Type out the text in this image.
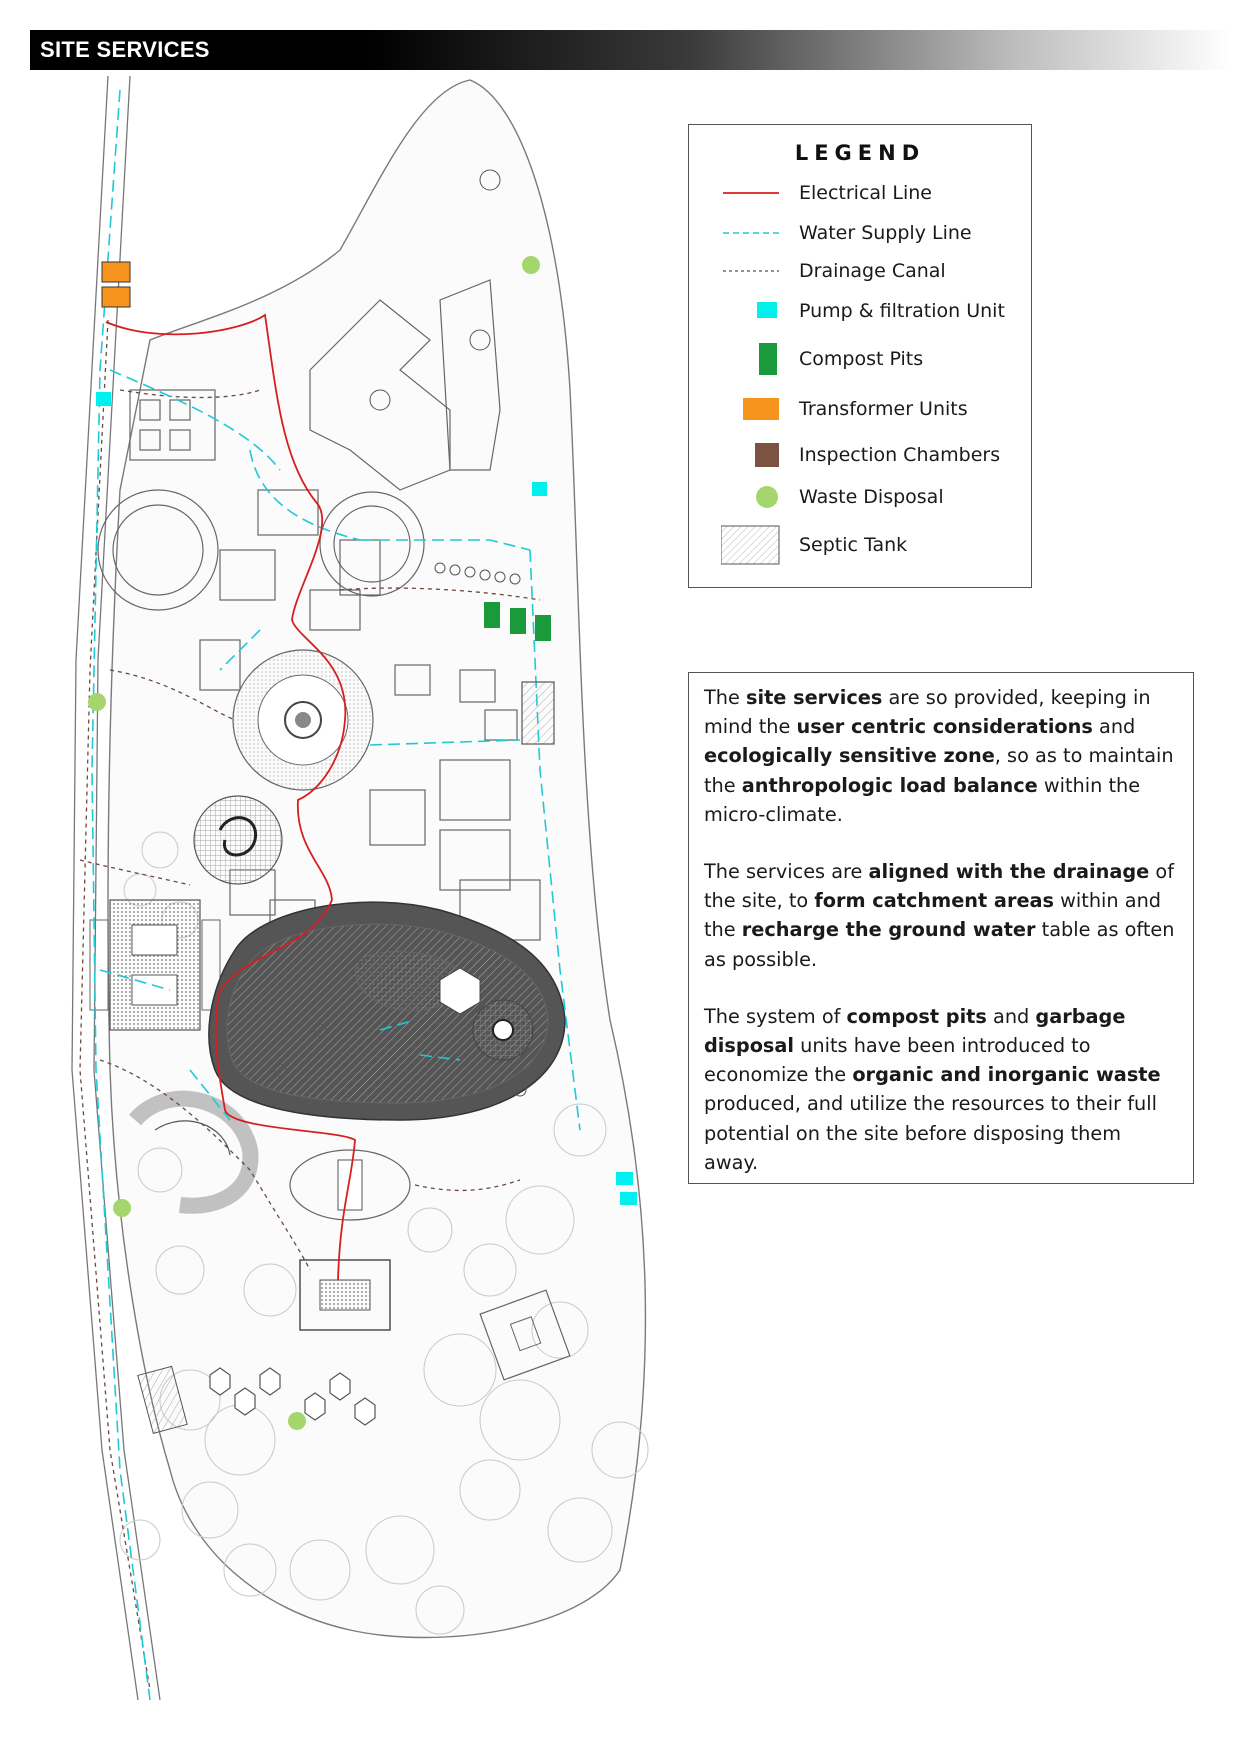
SITE SERVICES
LEGEND
Electrical Line
Water Supply Line
Drainage Canal
Pump & filtration Unit
Compost Pits
Transformer Units
Inspection Chambers
Waste Disposal
Septic Tank

The site services are so provided, keeping in mind the user centric considerations and ecologically sensitive zone, so as to maintain the anthropologic load balance within the micro-climate.

The services are aligned with the drainage of the site, to form catchment areas within and the recharge the ground water table as often as possible.

The system of compost pits and garbage disposal units have been introduced to economize the organic and inorganic waste produced, and utilize the resources to their full potential on the site before disposing them away.
